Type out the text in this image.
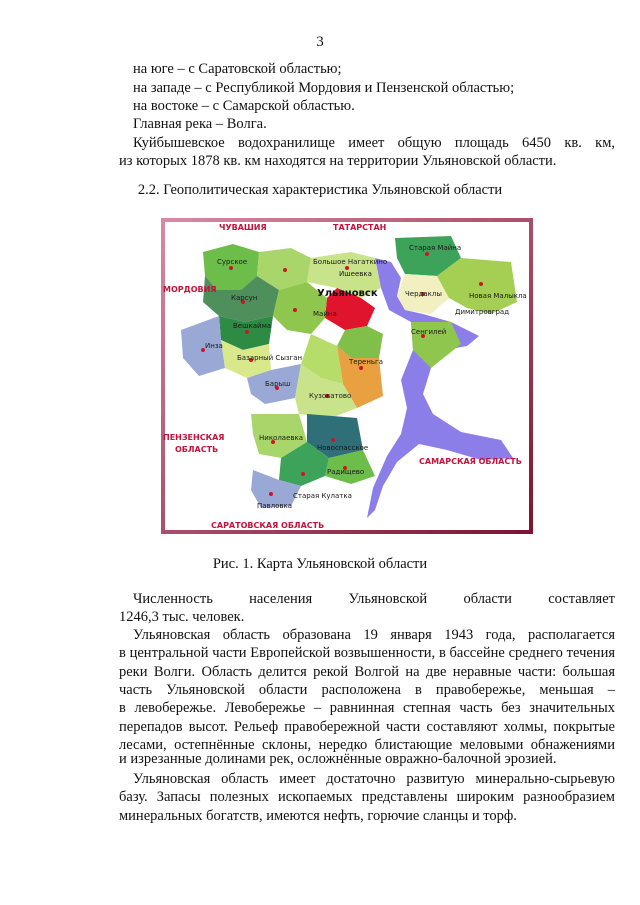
3
на юге – с Саратовской областью;
на западе – с Республикой Мордовия и Пензенской областью;
на востоке – с Самарской областью.
Главная река – Волга.
Куйбышевское водохранилище имеет общую площадь 6450 кв. км,
из которых 1878 кв. км находятся на территории Ульяновской области.
2.2. Геополитическая характеристика Ульяновской области
ЧУВАШИЯ	ТАТАРСТАН
МОРДОВИЯ
ПЕНЗЕНСКАЯ
ОБЛАСТЬ
САМАРСКАЯ ОБЛАСТЬ
САРАТОВСКАЯ ОБЛАСТЬ
Ульяновск
Сурское	Большое Нагаткино
Ишеевка
Старая Майна
Карсун
Майна
Чердаклы	Новая Малыкла
Димитровград
Вешкайма
Сенгилей
Инза
Базарный Сызган	Тереньга
Барыш
Кузоватово
Николаевка
Новоспасское
Радищево
Старая Кулатка
Павловка
Рис. 1. Карта Ульяновской области
Численность населения Ульяновской области составляет
1246,3 тыс. человек.
Ульяновская область образована 19 января 1943 года, располагается
в центральной части Европейской возвышенности, в бассейне среднего течения
реки Волги. Область делится рекой Волгой на две неравные части: большая
часть Ульяновской области расположена в правобережье, меньшая –
в левобережье. Левобережье – равнинная степная часть без значительных
перепадов высот. Рельеф правобережной части составляют холмы, покрытые
лесами, остепнённые склоны, нередко блистающие меловыми обнажениями
и изрезанные долинами рек, осложнённые овражно-балочной эрозией.
Ульяновская область имеет достаточно развитую минерально-сырьевую
базу. Запасы полезных ископаемых представлены широким разнообразием
минеральных богатств, имеются нефть, горючие сланцы и торф.
